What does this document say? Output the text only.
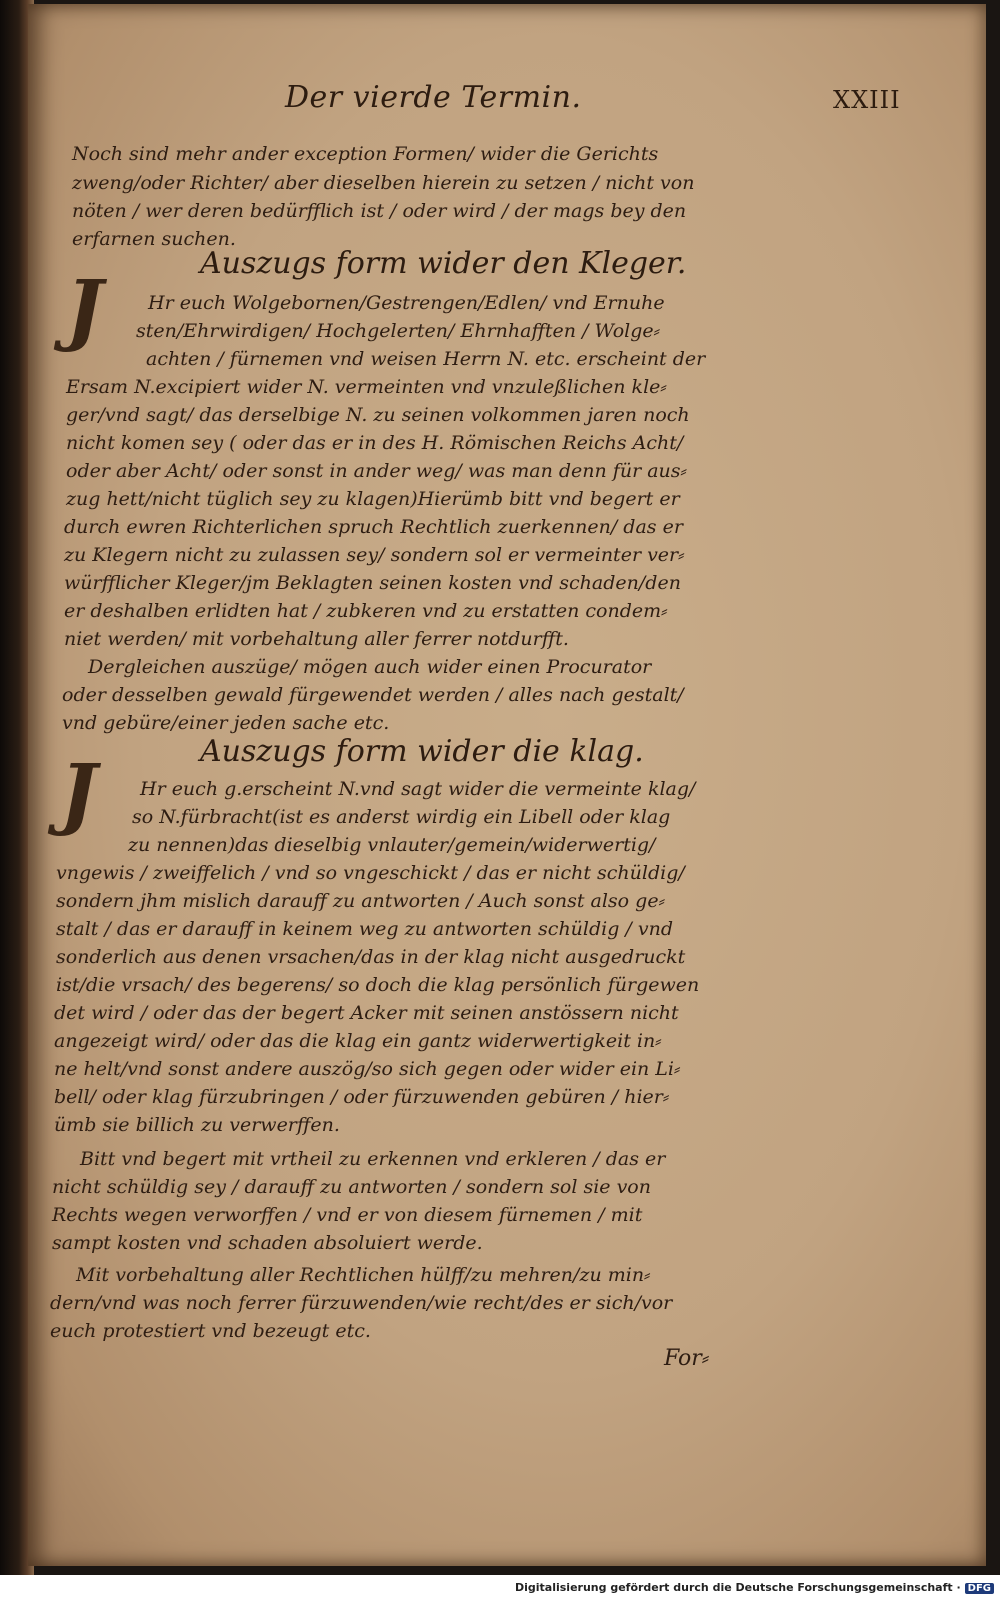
Der vierde Termin.	XXIII
Noch sind mehr ander exception Formen/ wider die Gerichts
zweng/oder Richter/ aber dieselben hierein zu setzen / nicht von
nöten / wer deren bedürfflich ist / oder wird / der mags bey den
erfarnen suchen.
Auszugs form wider den Kleger.
J Hr euch Wolgebornen/Gestrengen/Edlen/ vnd Ernuhe
sten/Ehrwirdigen/ Hochgelerten/ Ehrnhafften / Wolge⸗
achten / fürnemen vnd weisen Herrn N. etc. erscheint der
Ersam N.excipiert wider N. vermeinten vnd vnzuleßlichen kle⸗
ger/vnd sagt/ das derselbige N. zu seinen volkommen jaren noch
nicht komen sey ( oder das er in des H. Römischen Reichs Acht/
oder aber Acht/ oder sonst in ander weg/ was man denn für aus⸗
zug hett/nicht tüglich sey zu klagen)Hierümb bitt vnd begert er
durch ewren Richterlichen spruch Rechtlich zuerkennen/ das er
zu Klegern nicht zu zulassen sey/ sondern sol er vermeinter ver⸗
würfflicher Kleger/jm Beklagten seinen kosten vnd schaden/den
er deshalben erlidten hat / zubkeren vnd zu erstatten condem⸗
niet werden/ mit vorbehaltung aller ferrer notdurfft.
Dergleichen auszüge/ mögen auch wider einen Procurator
oder desselben gewald fürgewendet werden / alles nach gestalt/
vnd gebüre/einer jeden sache etc.
Auszugs form wider die klag.
J Hr euch g.erscheint N.vnd sagt wider die vermeinte klag/
so N.fürbracht(ist es anderst wirdig ein Libell oder klag
zu nennen)das dieselbig vnlauter/gemein/widerwertig/
vngewis / zweiffelich / vnd so vngeschickt / das er nicht schüldig/
sondern jhm mislich darauff zu antworten / Auch sonst also ge⸗
stalt / das er darauff in keinem weg zu antworten schüldig / vnd
sonderlich aus denen vrsachen/das in der klag nicht ausgedruckt
ist/die vrsach/ des begerens/ so doch die klag persönlich fürgewen
det wird / oder das der begert Acker mit seinen anstössern nicht
angezeigt wird/ oder das die klag ein gantz widerwertigkeit in⸗
ne helt/vnd sonst andere auszög/so sich gegen oder wider ein Li⸗
bell/ oder klag fürzubringen / oder fürzuwenden gebüren / hier⸗
ümb sie billich zu verwerffen.
Bitt vnd begert mit vrtheil zu erkennen vnd erkleren / das er
nicht schüldig sey / darauff zu antworten / sondern sol sie von
Rechts wegen verworffen / vnd er von diesem fürnemen / mit
sampt kosten vnd schaden absoluiert werde.
Mit vorbehaltung aller Rechtlichen hülff/zu mehren/zu min⸗
dern/vnd was noch ferrer fürzuwenden/wie recht/des er sich/vor
euch protestiert vnd bezeugt etc.
For⸗
Digitalisierung gefördert durch die Deutsche Forschungsgemeinschaft · DFG
